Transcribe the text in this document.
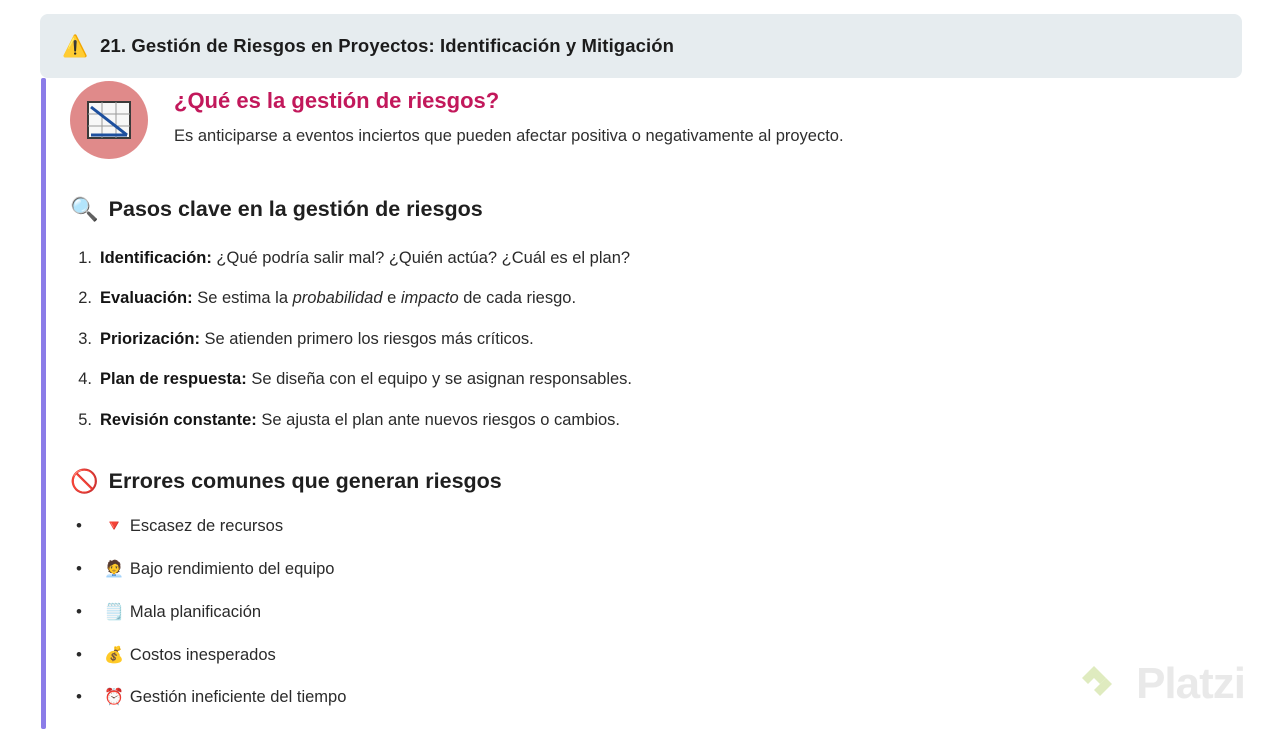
⚠️ 21. Gestión de Riesgos en Proyectos: Identificación y Mitigación

¿Qué es la gestión de riesgos?

Es anticiparse a eventos inciertos que pueden afectar positiva o negativamente al proyecto.

🔍 Pasos clave en la gestión de riesgos
1. Identificación: ¿Qué podría salir mal? ¿Quién actúa? ¿Cuál es el plan?
2. Evaluación: Se estima la probabilidad e impacto de cada riesgo.
3. Priorización: Se atienden primero los riesgos más críticos.
4. Plan de respuesta: Se diseña con el equipo y se asignan responsables.
5. Revisión constante: Se ajusta el plan ante nuevos riesgos o cambios.
🚫 Errores comunes que generan riesgos
• 🔻 Escasez de recursos
• 🧑‍💼 Bajo rendimiento del equipo
• 🗒️ Mala planificación
• 💰 Costos inesperados
• ⏰ Gestión ineficiente del tiempo	Platzi
